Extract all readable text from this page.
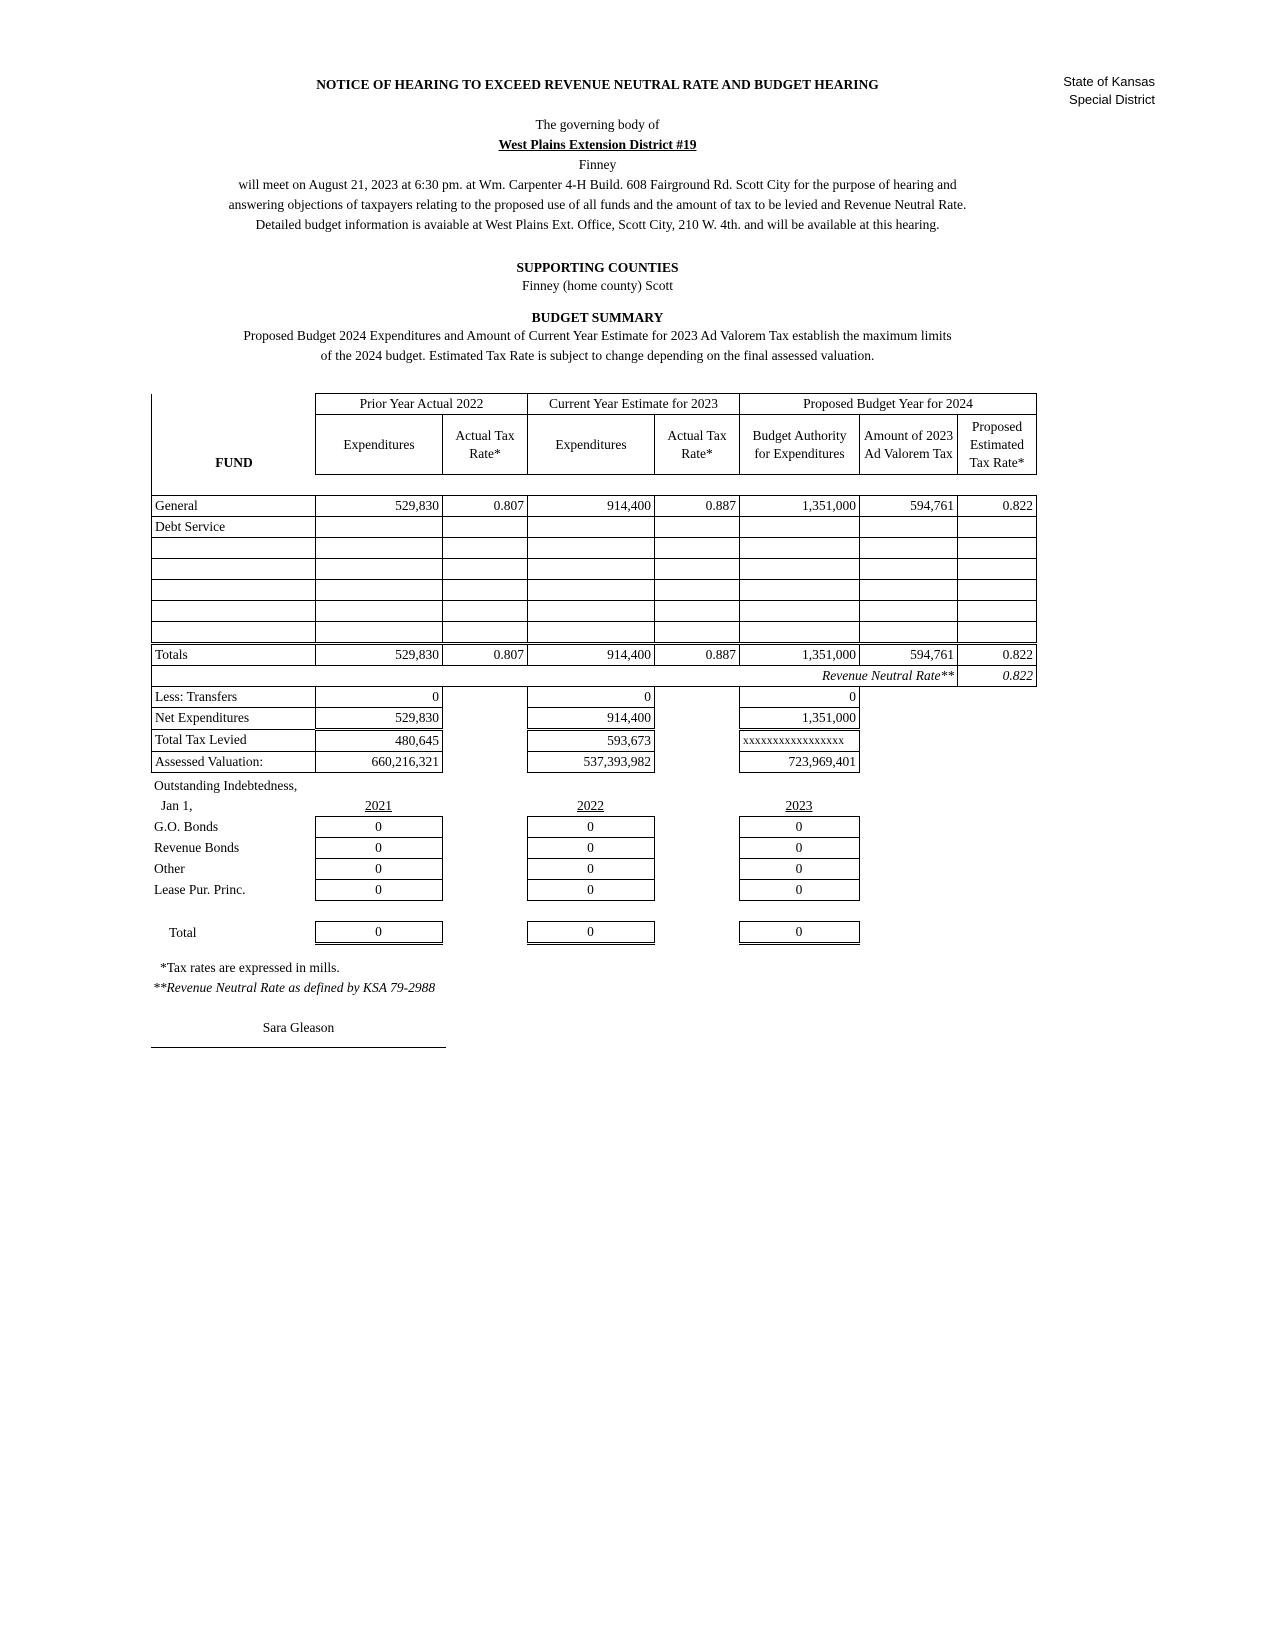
State of Kansas
Special District
NOTICE OF HEARING TO EXCEED REVENUE NEUTRAL RATE AND BUDGET HEARING
The governing body of
West Plains Extension District #19
Finney
will meet on August 21, 2023 at 6:30 pm. at Wm. Carpenter 4-H Build. 608 Fairground Rd. Scott City for the purpose of hearing and
answering objections of taxpayers relating to the proposed use of all funds and the amount of tax to be levied and Revenue Neutral Rate.
Detailed budget information is avaiable at West Plains Ext. Office, Scott City, 210 W. 4th. and will be available at this hearing.
SUPPORTING COUNTIES
Finney (home county) Scott
BUDGET SUMMARY
Proposed Budget 2024 Expenditures and Amount of Current Year Estimate for 2023 Ad Valorem Tax establish the maximum limits
of the 2024 budget. Estimated Tax Rate is subject to change depending on the final assessed valuation.
	Prior Year Actual 2022		Current Year Estimate for 2023		Proposed Budget Year for 2024		
	Expenditures	Actual Tax Rate*	Expenditures	Actual Tax Rate*	Budget Authority for Expenditures	Amount of 2023 Ad Valorem Tax	Proposed Estimated Tax Rate*

FUND							

General	529,830	0.807	914,400	0.887	1,351,000	594,761	0.822
Debt Service							

Totals	529,830	0.807	914,400	0.887	1,351,000	594,761	0.822
Revenue Neutral Rate**							0.822
Less: Transfers	0		0		0		
Net Expenditures	529,830		914,400		1,351,000		
Total Tax Levied	480,645		593,673		xxxxxxxxxxxxxxxxx		
Assessed Valuation:	660,216,321		537,393,982		723,969,401		
Outstanding Indebtedness,					
Jan 1,	2021		2022		2023
G.O. Bonds	0		0		0
Revenue Bonds	0		0		0
Other	0		0		0
Lease Pur. Princ.	0		0		0

Total	0		0		0
*Tax rates are expressed in mills.
**Revenue Neutral Rate as defined by KSA 79-2988
Sara Gleason
